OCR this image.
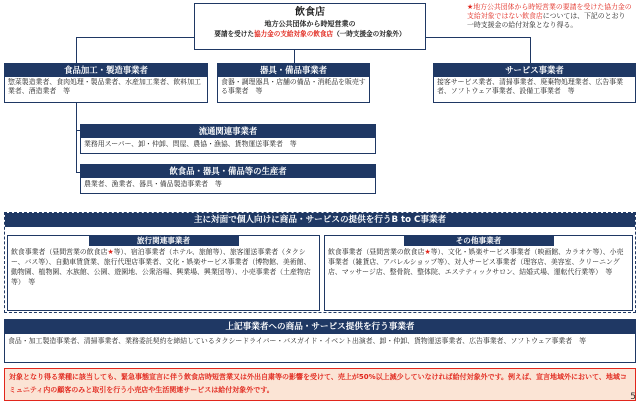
飲食店
地方公共団体から時短営業の
要請を受けた協力金の支給対象の飲食店（一時支援金の対象外）
★地方公共団体から時短営業の要請を受けた協力金の支給対象ではない飲食店については、下記のとおり一時支援金の給付対象となり得る。
食品加工・製造事業者
惣菜製造業者、食肉処理・製品業者、水産加工業者、飲料加工業者、酒造業者　等
器具・備品事業者
食器・調理器具・店舗の備品・消耗品を販売する事業者　等
サービス事業者
接客サービス業者、清掃事業者、廃棄物処理業者、広告事業者、ソフトウェア事業者、設備工事業者　等
流通関連事業者
業務用スーパー、卸・仲卸、問屋、農協・漁協、貨物運送事業者　等
飲食品・器具・備品等の生産者
農業者、漁業者、器具・備品製造事業者　等
主に対面で個人向けに商品・サービスの提供を行うB to C事業者
旅行関連事業者
飲食事業者（昼間営業の飲食店★等）、宿泊事業者（ホテル、旅館等）、旅客運送事業者（タクシー、バス等）、自動車賃貸業、旅行代理店事業者、文化・娯楽サービス事業者（博物館、美術館、動物園、植物園、水族館、公園、遊園地、公衆浴場、興業場、興業団等）、小売事業者（土産物店等）　等
その他事業者
飲食事業者（昼間営業の飲食店★等）、文化・娯楽サービス事業者（映画館、カラオケ等）、小売事業者（雑貨店、アパレルショップ等）、対人サービス事業者（理容店、美容室、クリーニング店、マッサージ店、整骨院、整体院、エステティックサロン、結婚式場、運転代行業等）　等
上記事業者への商品・サービス提供を行う事業者
食品・加工製造事業者、清掃事業者、業務委託契約を締結しているタクシードライバー・バスガイド・イベント出演者、卸・仲卸、貨物運送事業者、広告事業者、ソフトウェア事業者　等
対象となり得る業種に該当しても、緊急事態宣言に伴う飲食店時短営業又は外出自粛等の影響を受けて、売上が50%以上減少していなければ給付対象外です。例えば、宣言地域外において、地域コミュニティ内の顧客のみと取引を行う小売店や生活関連サービスは給付対象外です。
5
